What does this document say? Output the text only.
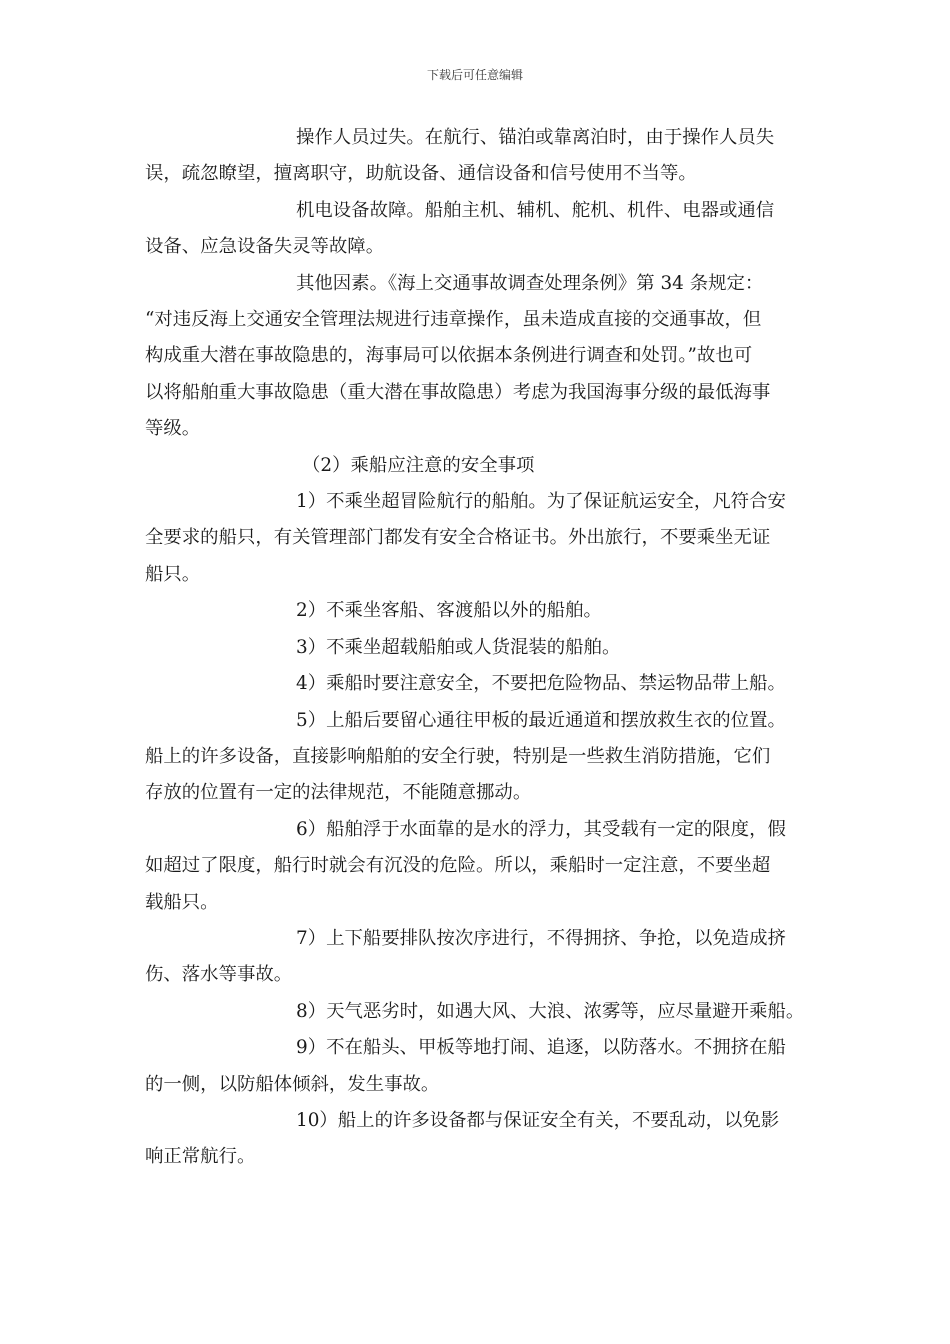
下载后可任意编辑

操作人员过失。在航行、锚泊或靠离泊时，由于操作人员失
误，疏忽瞭望，擅离职守，助航设备、通信设备和信号使用不当等。

机电设备故障。船舶主机、辅机、舵机、机件、电器或通信
设备、应急设备失灵等故障。

其他因素。《海上交通事故调查处理条例》第 34 条规定：
“对违反海上交通安全管理法规进行违章操作，虽未造成直接的交通事故，但
构成重大潜在事故隐患的，海事局可以依据本条例进行调查和处罚。”故也可
以将船舶重大事故隐患（重大潜在事故隐患）考虑为我国海事分级的最低海事
等级。

（2）乘船应注意的安全事项

1）不乘坐超冒险航行的船舶。为了保证航运安全，凡符合安
全要求的船只，有关管理部门都发有安全合格证书。外出旅行，不要乘坐无证
船只。

2）不乘坐客船、客渡船以外的船舶。

3）不乘坐超载船舶或人货混装的船舶。

4）乘船时要注意安全，不要把危险物品、禁运物品带上船。

5）上船后要留心通往甲板的最近通道和摆放救生衣的位置。
船上的许多设备，直接影响船舶的安全行驶，特别是一些救生消防措施，它们
存放的位置有一定的法律规范，不能随意挪动。

6）船舶浮于水面靠的是水的浮力，其受载有一定的限度，假
如超过了限度，船行时就会有沉没的危险。所以，乘船时一定注意，不要坐超
载船只。

7）上下船要排队按次序进行，不得拥挤、争抢，以免造成挤
伤、落水等事故。

8）天气恶劣时，如遇大风、大浪、浓雾等，应尽量避开乘船。

9）不在船头、甲板等地打闹、追逐，以防落水。不拥挤在船
的一侧，以防船体倾斜，发生事故。

10）船上的许多设备都与保证安全有关，不要乱动，以免影
响正常航行。
